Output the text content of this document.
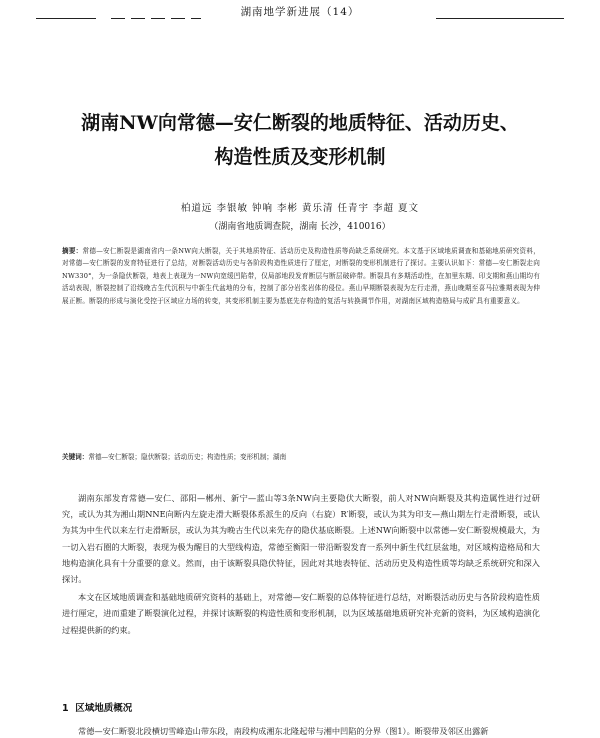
湖南地学新进展（14）
湖南NW向常德—安仁断裂的地质特征、活动历史、
构造性质及变形机制
柏道远 李银敏 钟响 李彬 黄乐清 任青宇 李超 夏文
（湖南省地质调查院，湖南 长沙，410016）
摘要：常德—安仁断裂是湖南省内一条NW向大断裂，关于其地质特征、活动历史及构造性质等尚缺乏系统研究。本文基于区域地质调查和基础地质研究资料，对常德—安仁断裂的发育特征进行了总结，对断裂活动历史与各阶段构造性质进行了厘定，对断裂的变形机制进行了探讨。主要认识如下：常德—安仁断裂走向NW330°，为一条隐伏断裂，地表上表现为一NW向宽缓凹陷带，仅局部地段发育断层与断层破碎带。断裂具有多期活动性，在加里东期、印支期和燕山期均有活动表现，断裂控制了沿线晚古生代沉积与中新生代盆地的分布，控制了部分岩浆岩体的侵位。燕山早期断裂表现为左行走滑，燕山晚期至喜马拉雅期表现为伸展正断。断裂的形成与演化受控于区域应力场的转变，其变形机制主要为基底先存构造的复活与转换调节作用，对湖南区域构造格局与成矿具有重要意义。
关键词：常德—安仁断裂；隐伏断裂；活动历史；构造性质；变形机制；湖南

湖南东部发育常德—安仁、邵阳—郴州、新宁—蓝山等3条NW向主要隐伏大断裂，前人对NW向断裂及其构造属性进行过研究，或认为其为湘山期NNE向断内左旋走滑大断裂体系派生的反向（右旋）R′断裂，或认为其为印支—燕山期左行走滑断裂，或认为其为中生代以来左行走滑断层，或认为其为晚古生代以来先存的隐伏基底断裂。上述NW向断裂中以常德—安仁断裂规模最大，为一切入岩石圈的大断裂，表现为极为醒目的大型线构造，常德至衡阳一带沿断裂发育一系列中新生代红层盆地，对区域构造格局和大地构造演化具有十分重要的意义。然而，由于该断裂具隐伏特征，因此对其地表特征、活动历史及构造性质等均缺乏系统研究和深入探讨。

本文在区域地质调查和基础地质研究资料的基础上，对常德—安仁断裂的总体特征进行总结，对断裂活动历史与各阶段构造性质进行厘定，进而重建了断裂演化过程，并探讨该断裂的构造性质和变形机制，以为区域基础地质研究补充新的资料，为区域构造演化过程提供新的约束。

1 区域地质概况
常德—安仁断裂北段横切雪峰造山带东段，南段构成湘东北隆起带与湘中凹陷的分界（图1）。断裂带及邻区出露新
